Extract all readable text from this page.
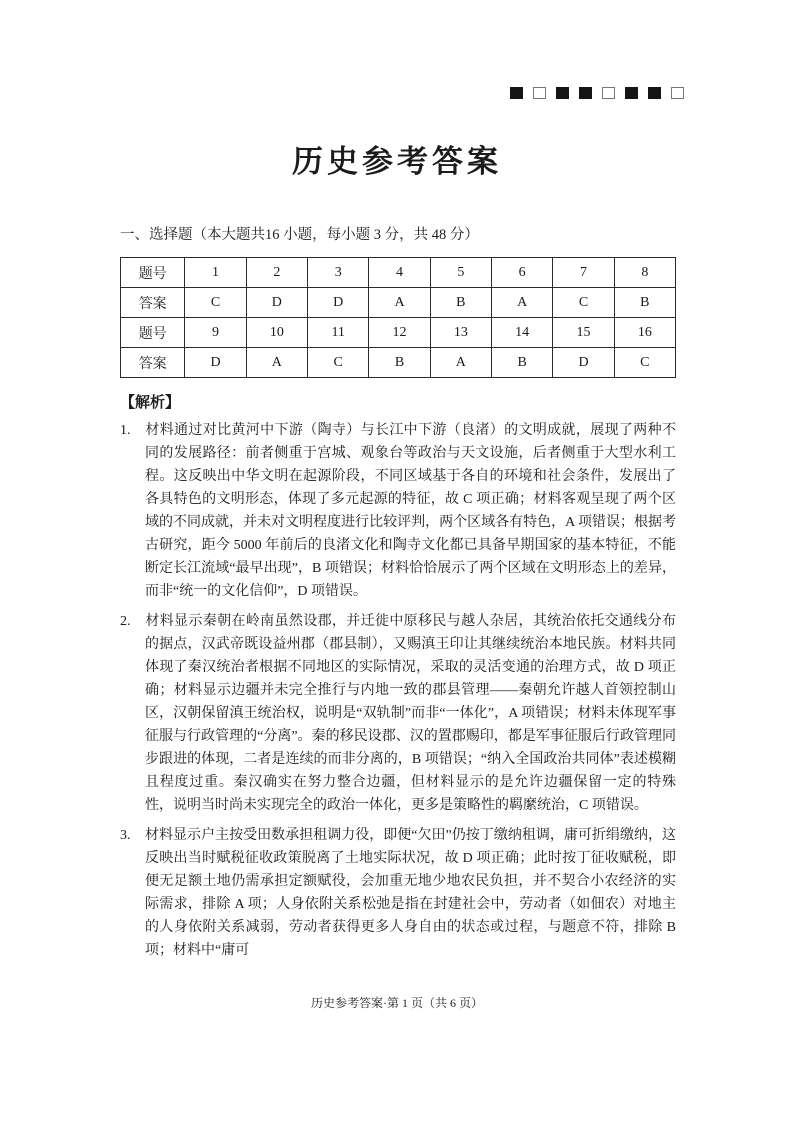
历史参考答案
一、选择题（本大题共16 小题，每小题 3 分，共 48 分）
题号	1	2	3	4	5	6	7	8
答案	C	D	D	A	B	A	C	B
题号	9	10	11	12	13	14	15	16
答案	D	A	C	B	A	B	D	C
【解析】
1. 材料通过对比黄河中下游（陶寺）与长江中下游（良渚）的文明成就，展现了两种不同的发展路径：前者侧重于宫城、观象台等政治与天文设施，后者侧重于大型水利工程。这反映出中华文明在起源阶段，不同区域基于各自的环境和社会条件，发展出了各具特色的文明形态，体现了多元起源的特征，故 C 项正确；材料客观呈现了两个区域的不同成就，并未对文明程度进行比较评判，两个区域各有特色，A 项错误；根据考古研究，距今 5000 年前后的良渚文化和陶寺文化都已具备早期国家的基本特征，不能断定长江流域“最早出现”，B 项错误；材料恰恰展示了两个区域在文明形态上的差异，而非“统一的文化信仰”，D 项错误。
2. 材料显示秦朝在岭南虽然设郡，并迁徙中原移民与越人杂居，其统治依托交通线分布的据点，汉武帝既设益州郡（郡县制），又赐滇王印让其继续统治本地民族。材料共同体现了秦汉统治者根据不同地区的实际情况，采取的灵活变通的治理方式，故 D 项正确；材料显示边疆并未完全推行与内地一致的郡县管理——秦朝允许越人首领控制山区，汉朝保留滇王统治权，说明是“双轨制”而非“一体化”，A 项错误；材料未体现军事征服与行政管理的“分离”。秦的移民设郡、汉的置郡赐印，都是军事征服后行政管理同步跟进的体现，二者是连续的而非分离的，B 项错误；“纳入全国政治共同体”表述模糊且程度过重。秦汉确实在努力整合边疆，但材料显示的是允许边疆保留一定的特殊性，说明当时尚未实现完全的政治一体化，更多是策略性的羁縻统治，C 项错误。
3. 材料显示户主按受田数承担租调力役，即便“欠田”仍按丁缴纳租调，庸可折绢缴纳，这反映出当时赋税征收政策脱离了土地实际状况，故 D 项正确；此时按丁征收赋税，即便无足额土地仍需承担定额赋役，会加重无地少地农民负担，并不契合小农经济的实际需求，排除 A 项；人身依附关系松弛是指在封建社会中，劳动者（如佃农）对地主的人身依附关系减弱，劳动者获得更多人身自由的状态或过程，与题意不符，排除 B 项；材料中“庸可
历史参考答案·第 1 页（共 6 页）
